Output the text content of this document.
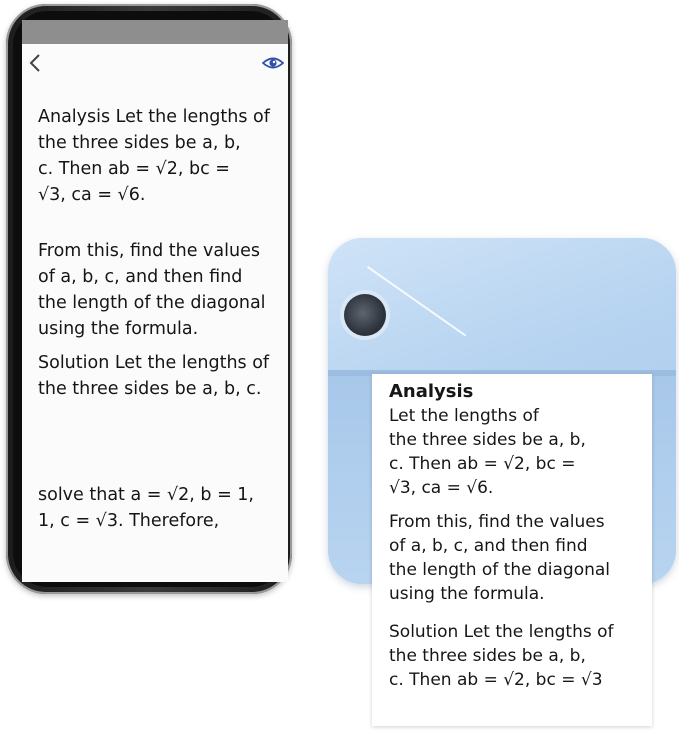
Analysis Let the lengths of
the three sides be a, b,
c. Then ab = √2, bc =
√3, ca = √6.
From this, find the values
of a, b, c, and then find
the length of the diagonal
using the formula.
Solution Let the lengths of
the three sides be a, b, c.
solve that a = √2, b = 1,
1, c = √3. Therefore,
Analysis
Let the lengths of
the three sides be a, b,
c. Then ab = √2, bc =
√3, ca = √6.
From this, find the values
of a, b, c, and then find
the length of the diagonal
using the formula.
Solution Let the lengths of
the three sides be a, b,
c. Then ab = √2, bc = √3
